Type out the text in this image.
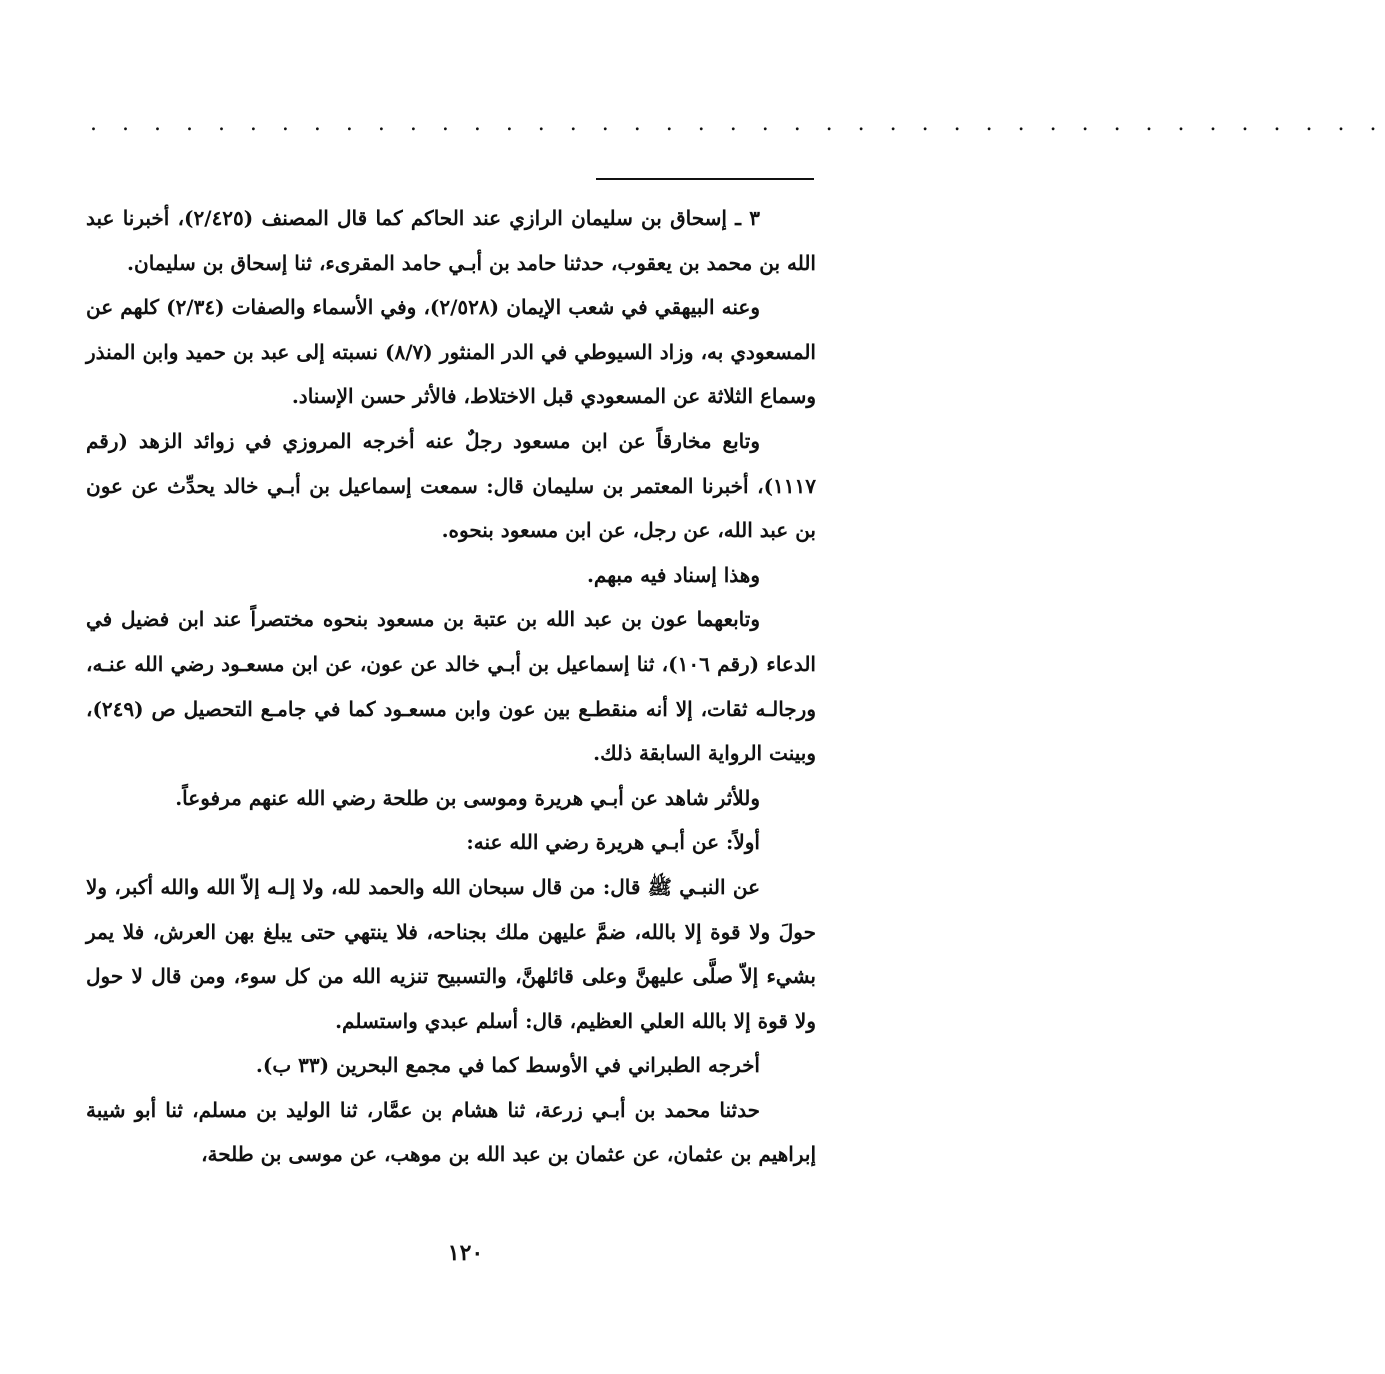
. . . . . . . . . . . . . . . . . . . . . . . . . . . . . . . . . . . . . . . . .

٣ ـ إسحاق بن سليمان الرازي عند الحاكم كما قال المصنف (٢/٤٢٥)، أخبرنا عبد الله بن محمد بن يعقوب، حدثنا حامد بن أبـي حامد المقرىء، ثنا إسحاق بن سليمان.

وعنه البيهقي في شعب الإيمان (٢/٥٢٨)، وفي الأسماء والصفات (٢/٣٤) كلهم عن المسعودي به، وزاد السيوطي في الدر المنثور (٨/٧) نسبته إلى عبد بن حميد وابن المنذر وسماع الثلاثة عن المسعودي قبل الاختلاط، فالأثر حسن الإسناد.

وتابع مخارقاً عن ابن مسعود رجلٌ عنه أخرجه المروزي في زوائد الزهد (رقم ١١١٧)، أخبرنا المعتمر بن سليمان قال: سمعت إسماعيل بن أبـي خالد يحدِّث عن عون بن عبد الله، عن رجل، عن ابن مسعود بنحوه.

وهذا إسناد فيه مبهم.

وتابعهما عون بن عبد الله بن عتبة بن مسعود بنحوه مختصراً عند ابن فضيل في الدعاء (رقم ١٠٦)، ثنا إسماعيل بن أبـي خالد عن عون، عن ابن مسعـود رضي الله عنـه، ورجالـه ثقات، إلا أنه منقطـع بين عون وابن مسعـود كما في جامـع التحصيل ص (٢٤٩)، وبينت الرواية السابقة ذلك.

وللأثر شاهد عن أبـي هريرة وموسى بن طلحة رضي الله عنهم مرفوعاً.

أولاً: عن أبـي هريرة رضي الله عنه:

عن النبـي ﷺ قال: من قال سبحان الله والحمد لله، ولا إلـه إلاّ الله والله أكبر، ولا حولَ ولا قوة إلا بالله، ضمَّ عليهن ملك بجناحه، فلا ينتهي حتى يبلغ بهن العرش، فلا يمر بشيء إلاّ صلَّى عليهنَّ وعلى قائلهنَّ، والتسبيح تنزيه الله من كل سوء، ومن قال لا حول ولا قوة إلا بالله العلي العظيم، قال: أسلم عبدي واستسلم.

أخرجه الطبراني في الأوسط كما في مجمع البحرين (٣٣ ب).

حدثنا محمد بن أبـي زرعة، ثنا هشام بن عمَّار، ثنا الوليد بن مسلم، ثنا أبو شيبة إبراهيم بن عثمان، عن عثمان بن عبد الله بن موهب، عن موسى بن طلحة،

١٢٠
